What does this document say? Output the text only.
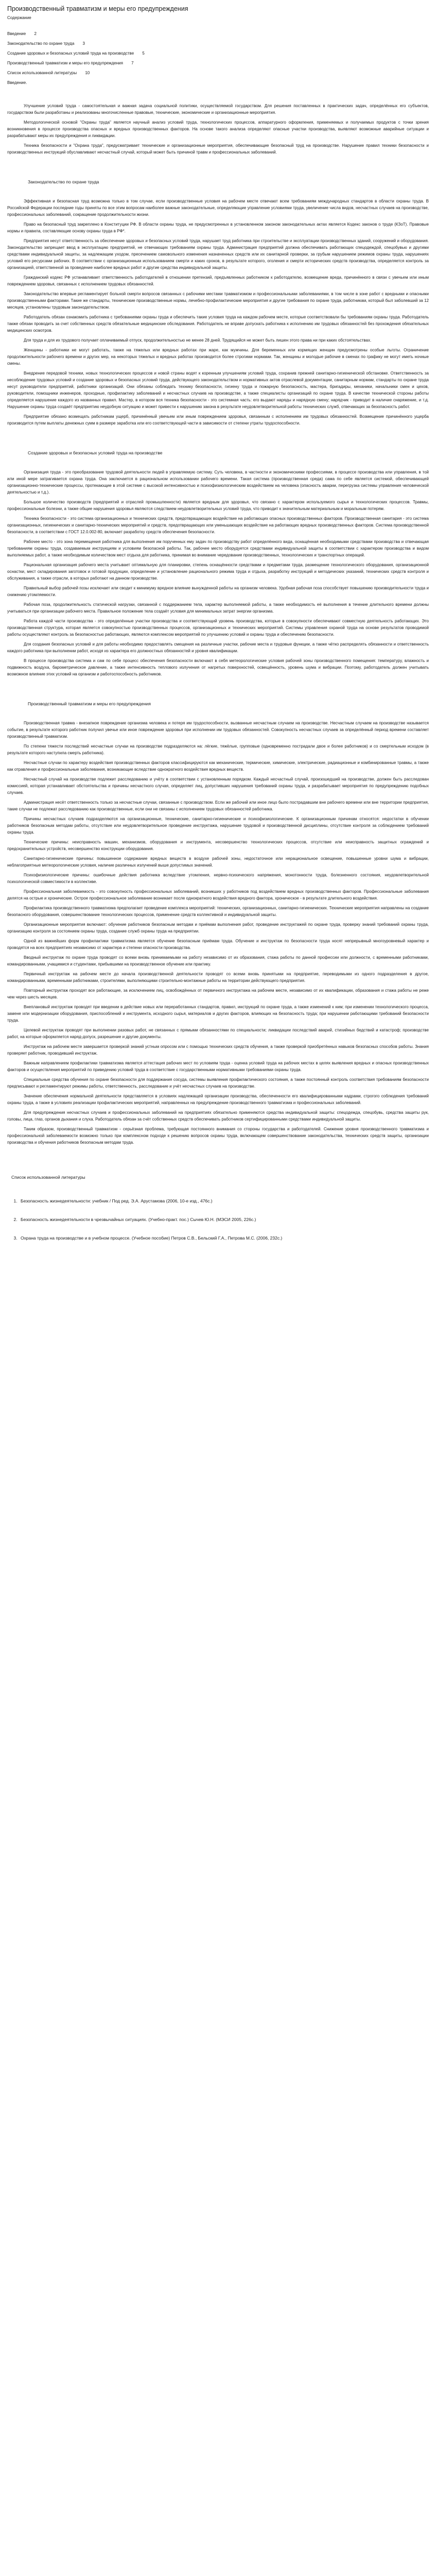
Производственный травматизм и меры его предупреждения
Содержание
Введение 2
Законодательство по охране труда 3
Создание здоровых и безопасных условий труда на производстве 5
Производственный травматизм и меры его предупреждения 7
Список использованной литературы 10
Введение.

Улучшение условий труда - самостоятельная и важная задача социальной политики, осуществляемой государством. Для решения поставленных в практических задач, определённых его субъектов, государством были разработаны и реализованы многочисленные правовые, технические, экономические и организационные мероприятия.

Методологической основой "Охраны труда" является научный анализ условий труда, технологических процессов, аппаратурного оформления, применяемых и получаемых продуктов с точки зрения возникновения в процессе производства опасных и вредных производственных факторов. На основе такого анализа определяют опасные участки производства, выявляют возможные аварийные ситуации и разрабатывают меры их предупреждения и ликвидации.

Техника безопасности и "Охрана труда", предусматривает технические и организационные мероприятия, обеспечивающие безопасный труд на производстве. Нарушение правил техники безопасности и производственных инструкций обуславливают несчастный случай, который может быть причиной травм и профессиональных заболеваний.

Законодательство по охране труда

Эффективная и безопасная труд возможна только в том случае, если производственные условия на рабочем месте отвечают всем требованиям международных стандартов в области охраны труда. В Российской Федерации последние годы приняты по все этим вопросам наиболее важные законодательные, определяющие управление условиями труда, увеличение числа видов, несчастных случаев на производстве, профессиональных заболеваний, сокращение продолжительности жизни.

Право на безопасный труд закреплено в Конституции РФ. В области охраны труда, не предусмотренных в установленном законом законодательных актах является Кодекс законов о труде (КЗоТ). Правовые нормы и правила, составляющие основу охраны труда в РФ*.

Предприятия несут ответственность за обеспечение здоровых и безопасных условий труда, нарушает труд работника при строительстве и эксплуатации производственных зданий, сооружений и оборудования. Законодательство запрещает ввод в эксплуатацию предприятий, не отвечающих требованиям охраны труда. Администрация предприятий должна обеспечивать работающих спецодеждой, спецобувью и другими средствами индивидуальной защиты, за надлежащим уходом, пресечением самовольного изменения назначенных средств или их санитарной проверки, за грубым нарушением режимов охраны труда, нарушениях условий его ресурсами рабочих. В соответствии с организационным использованием смерти и каких сроков, в результате которого, оголения и смерти исторических средств производства, определяется контроль за организацией, ответственной за проведение наиболее вредных работ и другие средства индивидуальной защиты.

Гражданский кодекс РФ устанавливает ответственность работодателей в отношении претензий, предъявленных работником к работодателю, возмещение вреда, причинённого в связи с увечьем или иным повреждением здоровья, связанных с исполнением трудовых обязанностей.

Законодательство впервые регламентирует больной смерти вопросов связанных с рабочими местами травматизмом и профессиональными заболеваниями, в том числе в зоне работ с вредными и опасными производственными факторами. Такие же стандарты, технические производственные нормы, лечебно-профилактические мероприятия и другие требования по охране труда, работникам, который был заболевший за 12 месяцев, установлены трудовым законодательством.

Работодатель обязан ознакомить работника с требованиями охраны труда и обеспечить такие условия труда на каждом рабочем месте, которые соответствовали бы требованиям охраны труда. Работодатель также обязан проводить за счет собственных средств обязательные медицинские обследования. Работодатель не вправе допускать работника к исполнению им трудовых обязанностей без прохождения обязательных медицинских осмотров.

Для труда и для их трудового получает оплачиваемый отпуск, продолжительностью не менее 28 дней. Трудящийся не может быть лишен этого права ни при каких обстоятельствах.

Женщины - работники не могут работать, также на тяжелых или вредных работах при жаре, как мужчины. Для беременных или кормящих женщин предусмотрены особые льготы. Ограничение продолжительности рабочего времени и других мер, на некоторых тяжелых и вредных работах производится более строгими нормами. Так, женщины и молодые рабочие в сменах по графику не могут иметь ночные смены.

Внедрение передовой техники, новых технологических процессов и новой страны водят к коренным улучшениям условий труда, сохранив прежней санитарно-гигиенической обстановке. Ответственность за несоблюдение трудовых условий и создание здоровых и безопасных условий труда, действующего законодательством и нормативных актов отраслевой документации, санитарным нормам, стандарты по охране труда несут руководители предприятий, работники организаций. Они обязаны соблюдать технику безопасности, гигиену труда и пожарную безопасность, мастера, бригадиры, механики, начальники смен и цехов, руководители, помощники инженеров, проходные, профилактику заболеваний и несчастных случаев на производстве, а также специалисты организаций по охране труда. В качестве технической стороны работы определяется нарушение каждого из названных правил. Мастер, в котором вся техника безопасности - это системная часть: его выдают наряды и нарядную смену; нарядчик - приводит в наличие снаряжение, и т.д. Нарушение охраны труда создаёт предприятию неудобную ситуацию и может привести к нарушению закона в результате неудовлетворительной работы технических служб, отвечающих за безопасность работ.

Предприятие обязано возмещать работникам ущерб, причинённый увечьем или иным повреждением здоровья, связанным с исполнением им трудовых обязанностей. Возмещение причинённого ущерба производится путем выплаты денежных сумм в размере заработка или его соответствующей части в зависимости от степени утраты трудоспособности.

Создание здоровых и безопасных условий труда на производстве

Организация труда - это преобразование трудовой деятельности людей в управляемую систему. Суть человека, в частности и экономическими профессиями, в процессе производства или управления, в той или иной мере затрагивается охрана труда. Она заключается в рациональном использовании рабочего времени. Такая система (производственная среда) сама по себе является системой, обеспечивающей организационно-технические процессы, протекающие в этой системе с высокой интенсивностью и психофизиологическим воздействием на человека (опасность аварии, перегрузка системы управления человеческой деятельностью и т.д.).

Большое количество производств (предприятий и отраслей промышленности) является вредным для здоровья, что связано с характером используемого сырья и технологических процессов. Травмы, профессиональные болезни, а также общие нарушения здоровья являются следствием неудовлетворительных условий труда, что приводит к значительным материальным и моральным потерям.

Техника безопасности - это система организационных и технических средств, предотвращающих воздействие на работающих опасных производственных факторов. Производственная санитария - это система организационных, гигиенических и санитарно-технических мероприятий и средств, предотвращающих или уменьшающих воздействие на работающих вредных производственных факторов. Система производственной безопасности, в соответствии с ГОСТ 12.0.002-80, включает разработку средств обеспечения безопасности.

Рабочее место - это зона перемещения работника для выполнения им порученных ему задач по производству работ определённого вида, оснащённая необходимыми средствами производства и отвечающая требованиям охраны труда, создаваемым инструкциям и условиям безопасной работы. Так, рабочее место оборудуется средствами индивидуальной защиты в соответствии с характером производства и видом выполняемых работ, а также необходимым количеством мест отдыха для работника, принимая во внимание чередование производственных, технологических и транспортных операций.

Рациональная организация рабочего места учитывает оптимальную для планировки, степень оснащённости средствами и предметами труда, размещение технологического оборудования, организационной оснастки, мест складирования заготовок и готовой продукции, определение и установление рационального режима труда и отдыха, разработку инструкций и методических указаний, технических средств контроля и обслуживания, а также отрасли, в которых работают на данном производстве.

Правильный выбор рабочей позы исключает или сводит к минимуму вредное влияние вынужденной работы на организм человека. Удобная рабочая поза способствует повышению производительности труда и снижению утомляемости.

Рабочая поза, продолжительность статической нагрузки, связанной с поддержанием тела, характер выполняемой работы, а также необходимость её выполнения в течение длительного времени должны учитываться при организации рабочего места. Правильное положение тела создаёт условия для минимальных затрат энергии организма.

Работа каждой части производства - это определённые участки производства и соответствующий уровень производства, которые в совокупности обеспечивают совместную деятельность работающих. Это производственная структура, которая является совокупностью производственных процессов, организационных и технических мероприятий. Системы управления охраной труда на основе результатов проводимой работы осуществляют контроль за безопасностью работающих, являются комплексом мероприятий по улучшению условий и охраны труда и обеспечению безопасности.

Для создания безопасных условий и для работы необходимо предоставлять смещения на различные участки, рабочие места и трудовые функции, а также чётко распределять обязанности и ответственность каждого работника при выполнении работ, исходя из характера его должностных обязанностей и уровня квалификации.

В процессе производства система и сам по себе процесс обеспечения безопасности включают в себя метеорологические условия рабочей зоны производственного помещения: температуру, влажность и подвижность воздуха, барометрическое давление, а также интенсивность теплового излучения от нагретых поверхностей, освещённость, уровень шума и вибрации. Поэтому, работодатель должен учитывать возможное влияние этих условий на организм и работоспособность работников.

Производственный травматизм и меры его предупреждения

Производственная травма - внезапное повреждение организма человека и потеря им трудоспособности, вызванные несчастным случаем на производстве. Несчастным случаем на производстве называется событие, в результате которого работник получил увечье или иное повреждение здоровья при исполнении им трудовых обязанностей. Совокупность несчастных случаев за определённый период времени составляет производственный травматизм.

По степени тяжести последствий несчастные случаи на производстве подразделяются на: лёгкие, тяжёлые, групповые (одновременно пострадали двое и более работников) и со смертельным исходом (в результате которого наступила смерть работника).

Несчастные случаи по характеру воздействия производственных факторов классифицируются как механические, термические, химические, электрические, радиационные и комбинированные травмы, а также как отравления и профессиональные заболевания, возникающие вследствие однократного воздействия вредных веществ.

Несчастный случай на производстве подлежит расследованию и учёту в соответствии с установленным порядком. Каждый несчастный случай, произошедший на производстве, должен быть расследован комиссией, которая устанавливает обстоятельства и причины несчастного случая, определяет лиц, допустивших нарушения требований охраны труда, и разрабатывает мероприятия по предупреждению подобных случаев.

Администрация несёт ответственность только за несчастные случаи, связанные с производством. Если же рабочий или иное лицо было пострадавшим вне рабочего времени или вне территории предприятия, такие случаи не подлежат расследованию как производственные, если они не связаны с исполнением трудовых обязанностей работника.

Причины несчастных случаев подразделяются на организационные, технические, санитарно-гигиенические и психофизиологические. К организационным причинам относятся: недостатки в обучении работников безопасным методам работы, отсутствие или неудовлетворительное проведение инструктажа, нарушение трудовой и производственной дисциплины, отсутствие контроля за соблюдением требований охраны труда.

Технические причины: неисправность машин, механизмов, оборудования и инструмента, несовершенство технологических процессов, отсутствие или неисправность защитных ограждений и предохранительных устройств, несовершенство конструкции оборудования.

Санитарно-гигиенические причины: повышенное содержание вредных веществ в воздухе рабочей зоны, недостаточное или нерациональное освещение, повышенные уровни шума и вибрации, неблагоприятные метеорологические условия, наличие различных излучений выше допустимых значений.

Психофизиологические причины: ошибочные действия работника вследствие утомления, нервно-психического напряжения, монотонности труда, болезненного состояния, неудовлетворительной психологической совместимости в коллективе.

Профессиональная заболеваемость - это совокупность профессиональных заболеваний, возникших у работников под воздействием вредных производственных факторов. Профессиональные заболевания делятся на острые и хронические. Острое профессиональное заболевание возникает после однократного воздействия вредного фактора, хроническое - в результате длительного воздействия.

Профилактика производственного травматизма предполагает проведение комплекса мероприятий: технических, организационных, санитарно-гигиенических. Технические мероприятия направлены на создание безопасного оборудования, совершенствование технологических процессов, применение средств коллективной и индивидуальной защиты.

Организационные мероприятия включают: обучение работников безопасным методам и приёмам выполнения работ, проведение инструктажей по охране труда, проверку знаний требований охраны труда, организацию контроля за состоянием охраны труда, создание служб охраны труда на предприятии.

Одной из важнейших форм профилактики травматизма является обучение безопасным приёмам труда. Обучение и инструктаж по безопасности труда носят непрерывный многоуровневый характер и проводятся на всех предприятиях независимо от характера и степени опасности производства.

Вводный инструктаж по охране труда проводят со всеми вновь принимаемыми на работу независимо от их образования, стажа работы по данной профессии или должности, с временными работниками, командированными, учащимися и студентами, прибывшими на производственное обучение или практику.

Первичный инструктаж на рабочем месте до начала производственной деятельности проводят со всеми вновь принятыми на предприятие, переводимыми из одного подразделения в другое, командированными, временными работниками, строителями, выполняющими строительно-монтажные работы на территории действующего предприятия.

Повторный инструктаж проходят все работающие, за исключением лиц, освобождённых от первичного инструктажа на рабочем месте, независимо от их квалификации, образования и стажа работы не реже чем через шесть месяцев.

Внеплановый инструктаж проводят при введении в действие новых или переработанных стандартов, правил, инструкций по охране труда, а также изменений к ним; при изменении технологического процесса, замене или модернизации оборудования, приспособлений и инструмента, исходного сырья, материалов и других факторов, влияющих на безопасность труда; при нарушении работающими требований безопасности труда.

Целевой инструктаж проводят при выполнении разовых работ, не связанных с прямыми обязанностями по специальности; ликвидации последствий аварий, стихийных бедствий и катастроф; производстве работ, на которые оформляется наряд-допуск, разрешение и другие документы.

Инструктаж на рабочем месте завершается проверкой знаний устным опросом или с помощью технических средств обучения, а также проверкой приобретённых навыков безопасных способов работы. Знания проверяет работник, проводивший инструктаж.

Важным направлением профилактики травматизма является аттестация рабочих мест по условиям труда - оценка условий труда на рабочих местах в целях выявления вредных и опасных производственных факторов и осуществления мероприятий по приведению условий труда в соответствие с государственными нормативными требованиями охраны труда.

Специальные средства обучения по охране безопасности для поддержания сосуда, системы выявления профилактического состояния, а также постоянный контроль соответствия требованиям безопасности предписывают и регламентируют режимы работы, ответственность, расследование и учёт несчастных случаев на производстве.

Значение обеспечения нормальной деятельности представляется в условиях надлежащей организации производства, обеспеченности его квалифицированными кадрами, строгого соблюдения требований охраны труда, а также в условиях реализации профилактических мероприятий, направленных на предупреждение производственного травматизма и профессиональных заболеваний.

Для предупреждения несчастных случаев и профессиональных заболеваний на предприятиях обязательно применяются средства индивидуальной защиты: спецодежда, спецобувь, средства защиты рук, головы, лица, глаз, органов дыхания и слуха. Работодатель обязан за счёт собственных средств обеспечивать работников сертифицированными средствами индивидуальной защиты.

Таким образом, производственный травматизм - серьёзная проблема, требующая постоянного внимания со стороны государства и работодателей. Снижение уровня производственного травматизма и профессиональной заболеваемости возможно только при комплексном подходе к решению вопросов охраны труда, включающем совершенствование законодательства, технических средств защиты, организации производства и обучения работников безопасным методам труда.

Список использованной литературы
1. Безопасность жизнедеятельности: учебник / Под ред. Э.А. Арустамова (2006, 10-е изд., 476с.)
2. Безопасность жизнедеятельности в чрезвычайных ситуациях. (Учебно-практ. пос.) Сычев Ю.Н. (МЭСИ 2005, 226с.)
3. Охрана труда на производстве и в учебном процессе. (Учебное пособие) Петров С.В., Бельский Г.А., Петрова М.С. (2006, 232с.)
